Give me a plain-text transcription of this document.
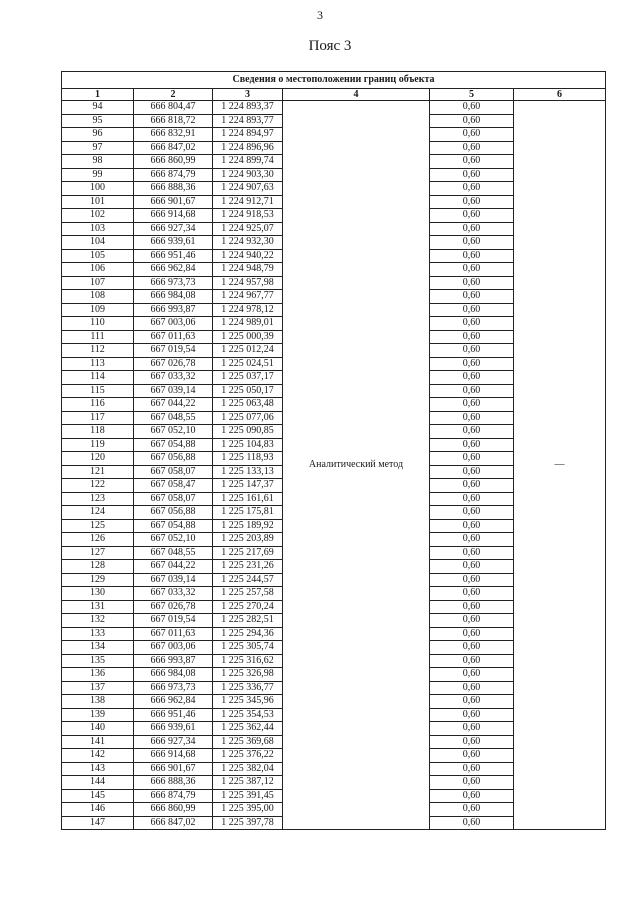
3
Пояс 3
Сведения о местоположении границ объекта					
1	2	3	4	5	6
94	666 804,47	1 224 893,37	Аналитический метод	0,60	—
95	666 818,72	1 224 893,77		0,60	
96	666 832,91	1 224 894,97		0,60	
97	666 847,02	1 224 896,96		0,60	
98	666 860,99	1 224 899,74		0,60	
99	666 874,79	1 224 903,30		0,60	
100	666 888,36	1 224 907,63		0,60	
101	666 901,67	1 224 912,71		0,60	
102	666 914,68	1 224 918,53		0,60	
103	666 927,34	1 224 925,07		0,60	
104	666 939,61	1 224 932,30		0,60	
105	666 951,46	1 224 940,22		0,60	
106	666 962,84	1 224 948,79		0,60	
107	666 973,73	1 224 957,98		0,60	
108	666 984,08	1 224 967,77		0,60	
109	666 993,87	1 224 978,12		0,60	
110	667 003,06	1 224 989,01		0,60	
111	667 011,63	1 225 000,39		0,60	
112	667 019,54	1 225 012,24		0,60	
113	667 026,78	1 225 024,51		0,60	
114	667 033,32	1 225 037,17		0,60	
115	667 039,14	1 225 050,17		0,60	
116	667 044,22	1 225 063,48		0,60	
117	667 048,55	1 225 077,06		0,60	
118	667 052,10	1 225 090,85		0,60	
119	667 054,88	1 225 104,83		0,60	
120	667 056,88	1 225 118,93		0,60	
121	667 058,07	1 225 133,13		0,60	
122	667 058,47	1 225 147,37		0,60	
123	667 058,07	1 225 161,61		0,60	
124	667 056,88	1 225 175,81		0,60	
125	667 054,88	1 225 189,92		0,60	
126	667 052,10	1 225 203,89		0,60	
127	667 048,55	1 225 217,69		0,60	
128	667 044,22	1 225 231,26		0,60	
129	667 039,14	1 225 244,57		0,60	
130	667 033,32	1 225 257,58		0,60	
131	667 026,78	1 225 270,24		0,60	
132	667 019,54	1 225 282,51		0,60	
133	667 011,63	1 225 294,36		0,60	
134	667 003,06	1 225 305,74		0,60	
135	666 993,87	1 225 316,62		0,60	
136	666 984,08	1 225 326,98		0,60	
137	666 973,73	1 225 336,77		0,60	
138	666 962,84	1 225 345,96		0,60	
139	666 951,46	1 225 354,53		0,60	
140	666 939,61	1 225 362,44		0,60	
141	666 927,34	1 225 369,68		0,60	
142	666 914,68	1 225 376,22		0,60	
143	666 901,67	1 225 382,04		0,60	
144	666 888,36	1 225 387,12		0,60	
145	666 874,79	1 225 391,45		0,60	
146	666 860,99	1 225 395,00		0,60	
147	666 847,02	1 225 397,78		0,60	
